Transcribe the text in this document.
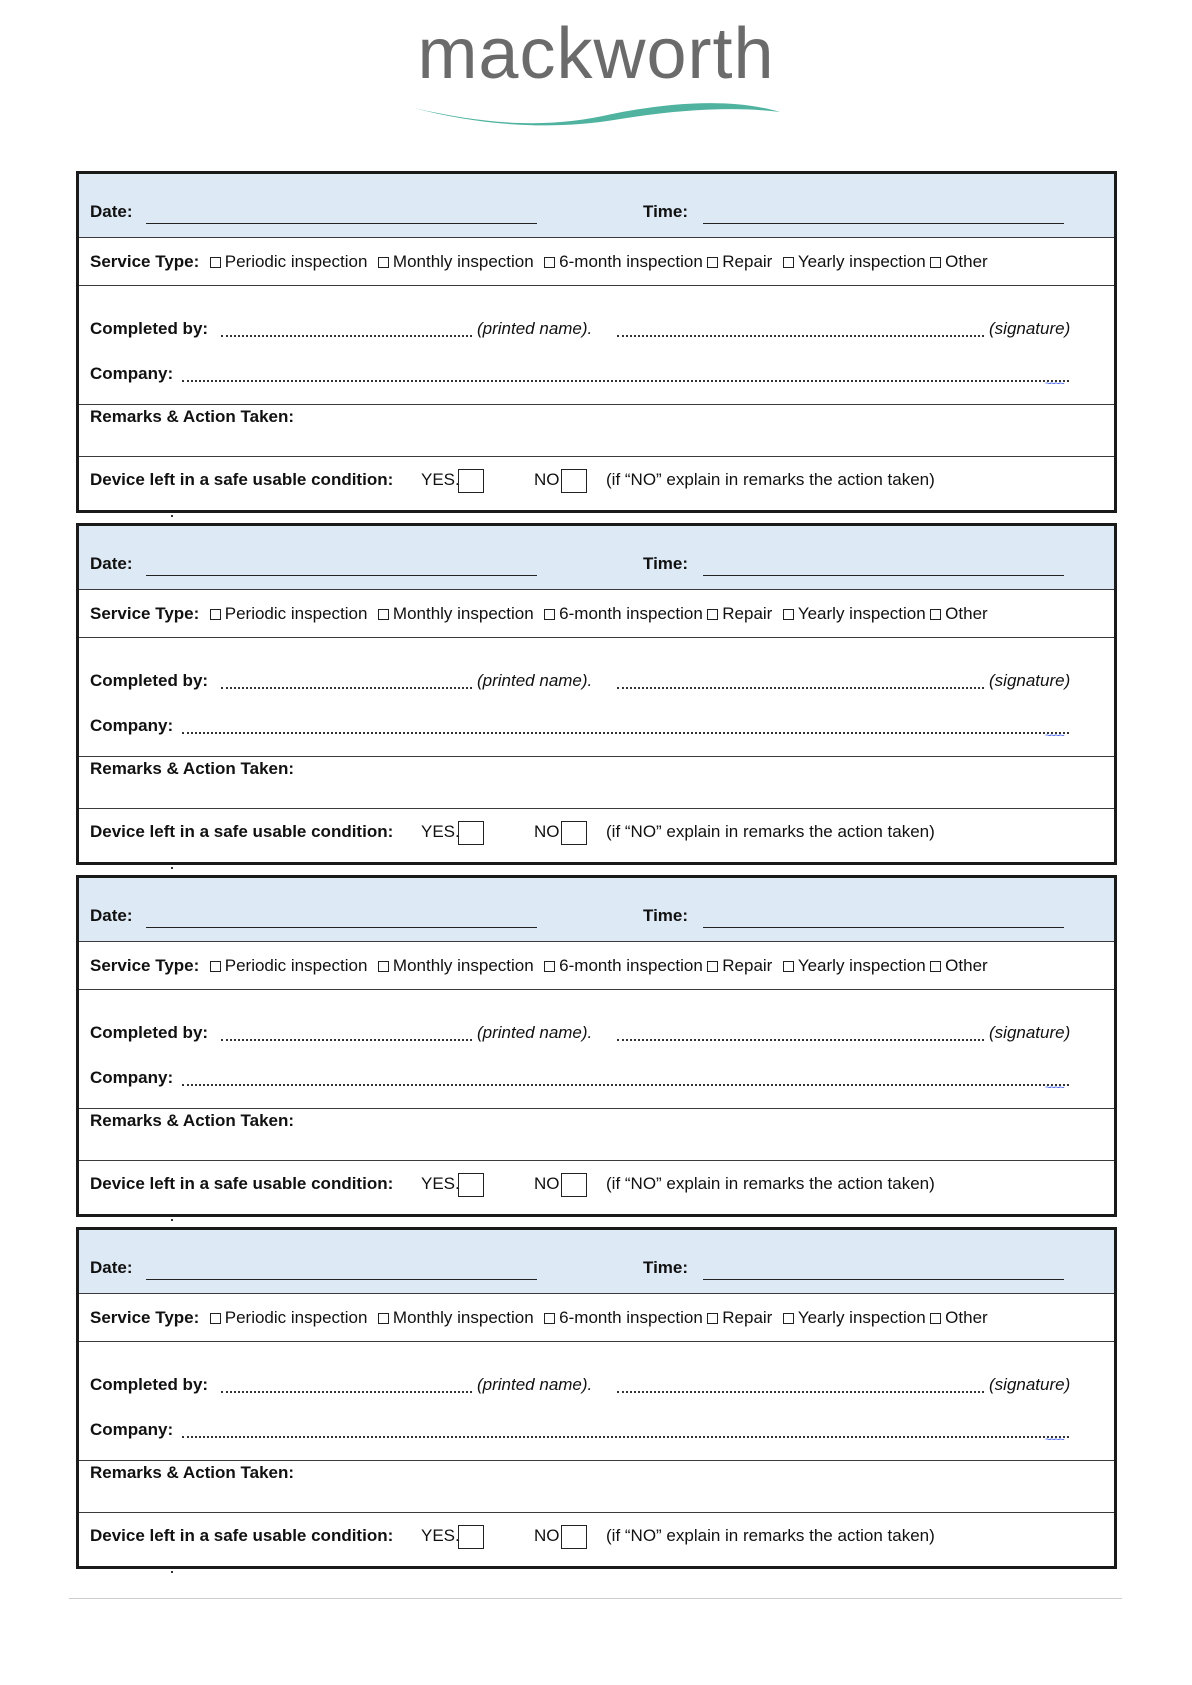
mackworth
Date:	Time:
Service Type: Periodic inspection Monthly inspection 6-month inspection Repair Yearly inspection Other
Completed by:	(printed name).	(signature)
Company:
~~~~
Remarks & Action Taken:
Device left in a safe usable condition: YES.	NO	(if “NO” explain in remarks the action taken)
Date:	Time:
Service Type: Periodic inspection Monthly inspection 6-month inspection Repair Yearly inspection Other
Completed by:	(printed name).	(signature)
Company:
~~~~
Remarks & Action Taken:
Device left in a safe usable condition: YES.	NO	(if “NO” explain in remarks the action taken)
Date:	Time:
Service Type: Periodic inspection Monthly inspection 6-month inspection Repair Yearly inspection Other
Completed by:	(printed name).	(signature)
Company:
~~~~
Remarks & Action Taken:
Device left in a safe usable condition: YES.	NO	(if “NO” explain in remarks the action taken)
Date:	Time:
Service Type: Periodic inspection Monthly inspection 6-month inspection Repair Yearly inspection Other
Completed by:	(printed name).	(signature)
Company:
~~~~
Remarks & Action Taken:
Device left in a safe usable condition: YES.	NO	(if “NO” explain in remarks the action taken)
